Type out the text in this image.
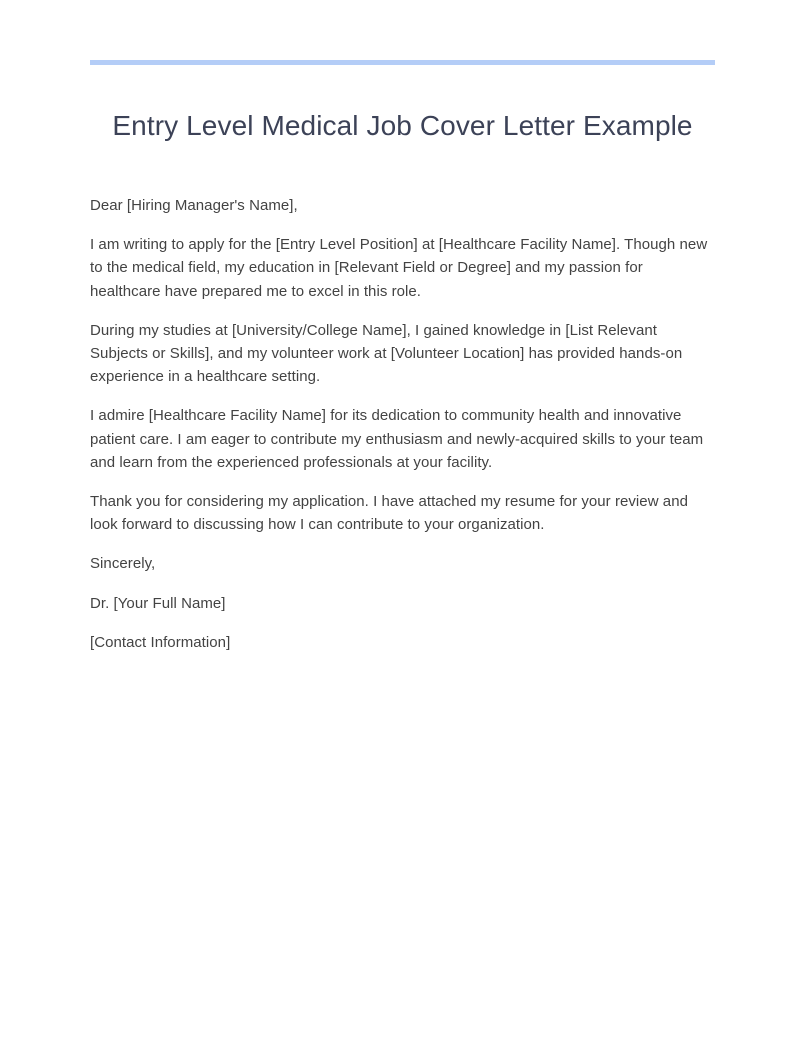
Entry Level Medical Job Cover Letter Example

Dear [Hiring Manager's Name],

I am writing to apply for the [Entry Level Position] at [Healthcare Facility Name]. Though new to the medical field, my education in [Relevant Field or Degree] and my passion for healthcare have prepared me to excel in this role.

During my studies at [University/College Name], I gained knowledge in [List Relevant Subjects or Skills], and my volunteer work at [Volunteer Location] has provided hands-on experience in a healthcare setting.

I admire [Healthcare Facility Name] for its dedication to community health and innovative patient care. I am eager to contribute my enthusiasm and newly-acquired skills to your team and learn from the experienced professionals at your facility.

Thank you for considering my application. I have attached my resume for your review and look forward to discussing how I can contribute to your organization.

Sincerely,

Dr. [Your Full Name]

[Contact Information]
